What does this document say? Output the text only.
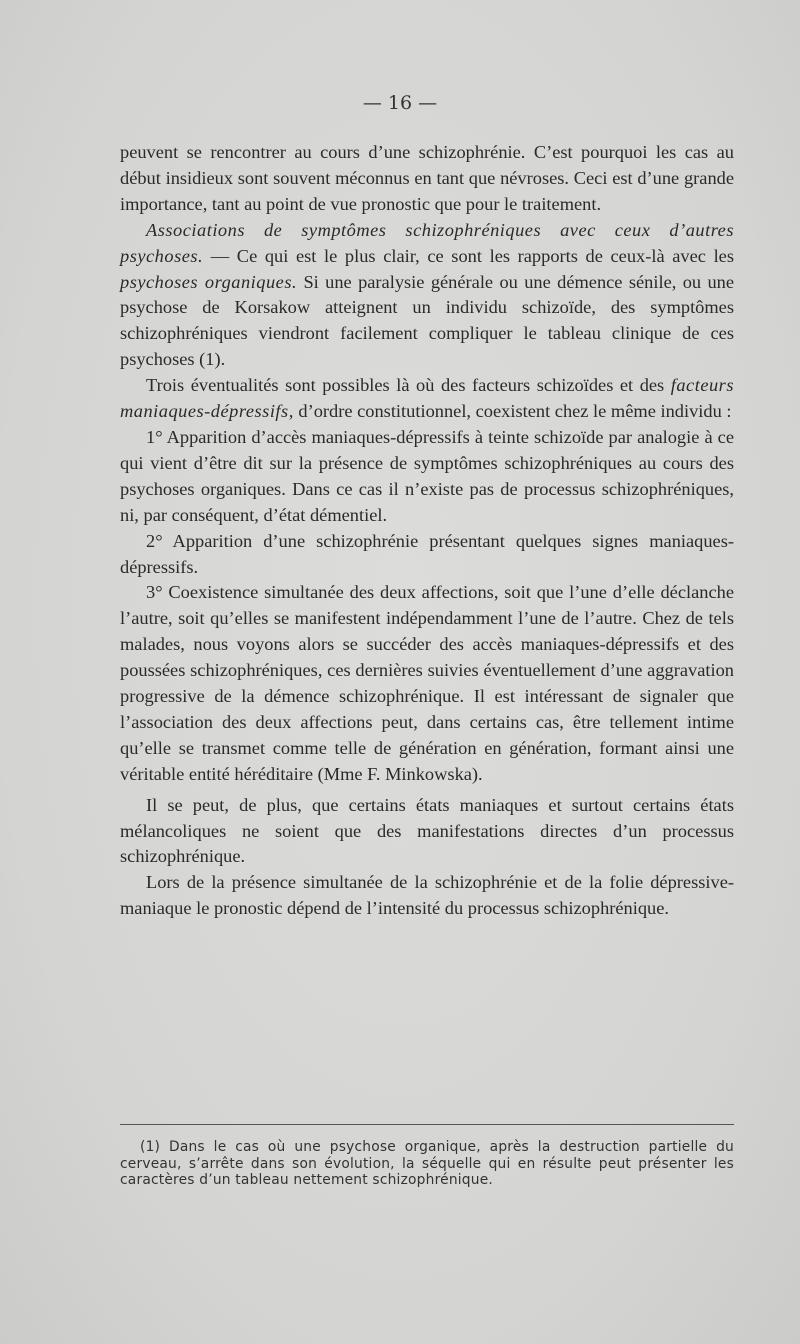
— 16 —

peuvent se rencontrer au cours d’une schizophrénie. C’est pourquoi les cas au début insidieux sont souvent méconnus en tant que névroses. Ceci est d’une grande importance, tant au point de vue pronostic que pour le traitement.

Associations de symptômes schizophréniques avec ceux d’autres psychoses. — Ce qui est le plus clair, ce sont les rapports de ceux-là avec les psychoses organiques. Si une paralysie générale ou une démence sénile, ou une psychose de Korsakow atteignent un individu schizoïde, des symptômes schizophréniques viendront facilement compliquer le tableau clinique de ces psychoses (1).

Trois éventualités sont possibles là où des facteurs schizoïdes et des facteurs maniaques-dépressifs, d’ordre constitutionnel, coexistent chez le même individu :

1° Apparition d’accès maniaques-dépressifs à teinte schizoïde par analogie à ce qui vient d’être dit sur la présence de symptômes schizophréniques au cours des psychoses organiques. Dans ce cas il n’existe pas de processus schizophréniques, ni, par conséquent, d’état démentiel.

2° Apparition d’une schizophrénie présentant quelques signes maniaques-dépressifs.

3° Coexistence simultanée des deux affections, soit que l’une d’elle déclanche l’autre, soit qu’elles se manifestent indépendamment l’une de l’autre. Chez de tels malades, nous voyons alors se succéder des accès maniaques-dépressifs et des poussées schizophréniques, ces dernières suivies éventuellement d’une aggravation progressive de la démence schizophrénique. Il est intéressant de signaler que l’association des deux affections peut, dans certains cas, être tellement intime qu’elle se transmet comme telle de génération en génération, formant ainsi une véritable entité héréditaire (Mme F. Minkowska).

Il se peut, de plus, que certains états maniaques et surtout certains états mélancoliques ne soient que des manifestations directes d’un processus schizophrénique.

Lors de la présence simultanée de la schizophrénie et de la folie dépressive-maniaque le pronostic dépend de l’intensité du processus schizophrénique.

(1) Dans le cas où une psychose organique, après la destruction partielle du cerveau, s’arrête dans son évolution, la séquelle qui en résulte peut présenter les caractères d’un tableau nettement schizophrénique.
